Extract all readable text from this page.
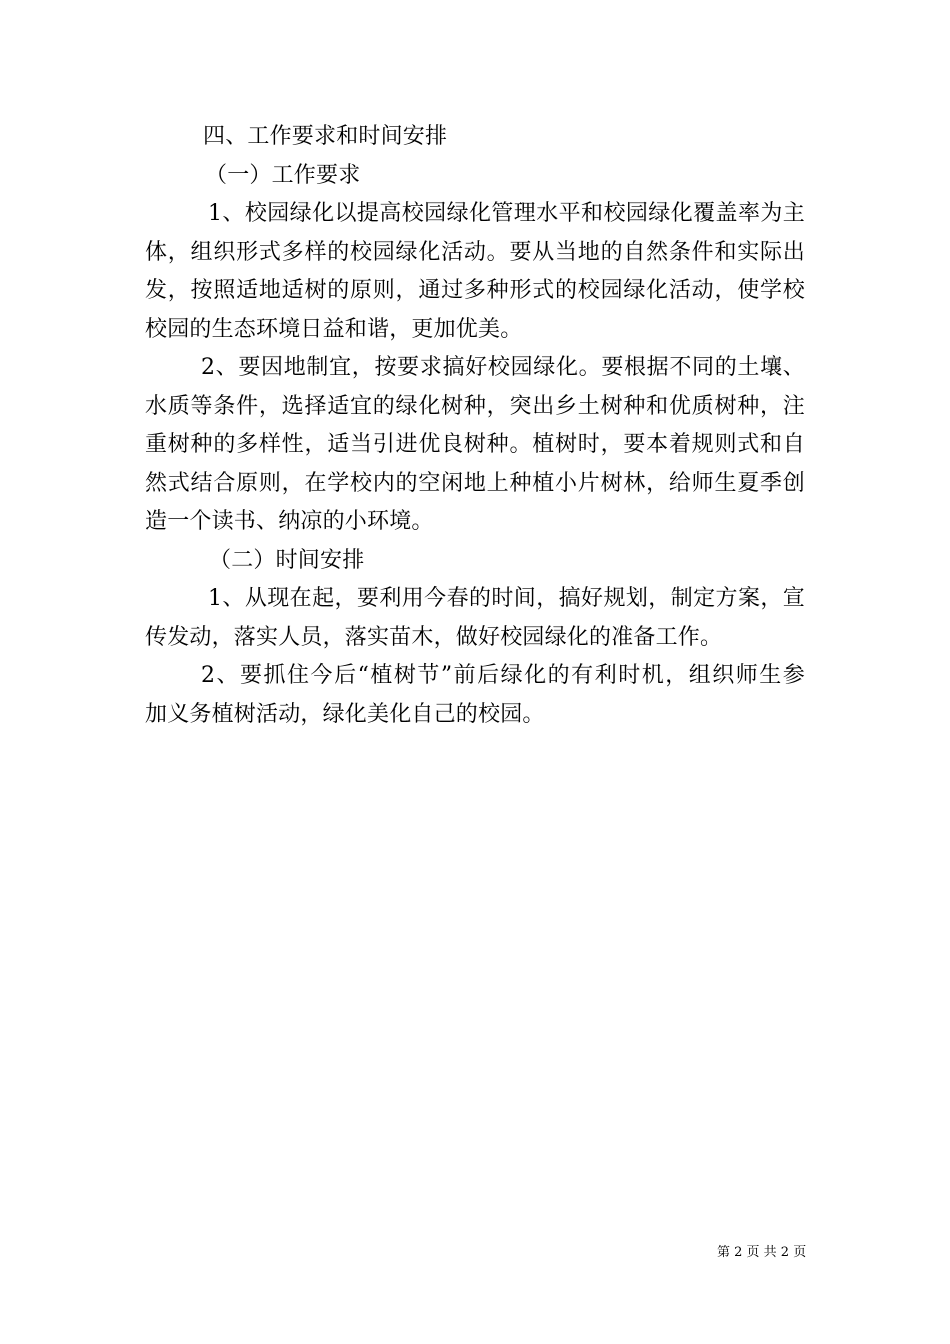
四、工作要求和时间安排
（一）工作要求
1、校园绿化以提高校园绿化管理水平和校园绿化覆盖率为主
体，组织形式多样的校园绿化活动。要从当地的自然条件和实际出
发，按照适地适树的原则，通过多种形式的校园绿化活动，使学校
校园的生态环境日益和谐，更加优美。
2、要因地制宜，按要求搞好校园绿化。要根据不同的土壤、
水质等条件，选择适宜的绿化树种，突出乡土树种和优质树种，注
重树种的多样性，适当引进优良树种。植树时，要本着规则式和自
然式结合原则，在学校内的空闲地上种植小片树林，给师生夏季创
造一个读书、纳凉的小环境。
（二）时间安排
1、从现在起，要利用今春的时间，搞好规划，制定方案，宣
传发动，落实人员，落实苗木，做好校园绿化的准备工作。
2、要抓住今后“植树节”前后绿化的有利时机，组织师生参
加义务植树活动，绿化美化自己的校园。
第 2 页 共 2 页
